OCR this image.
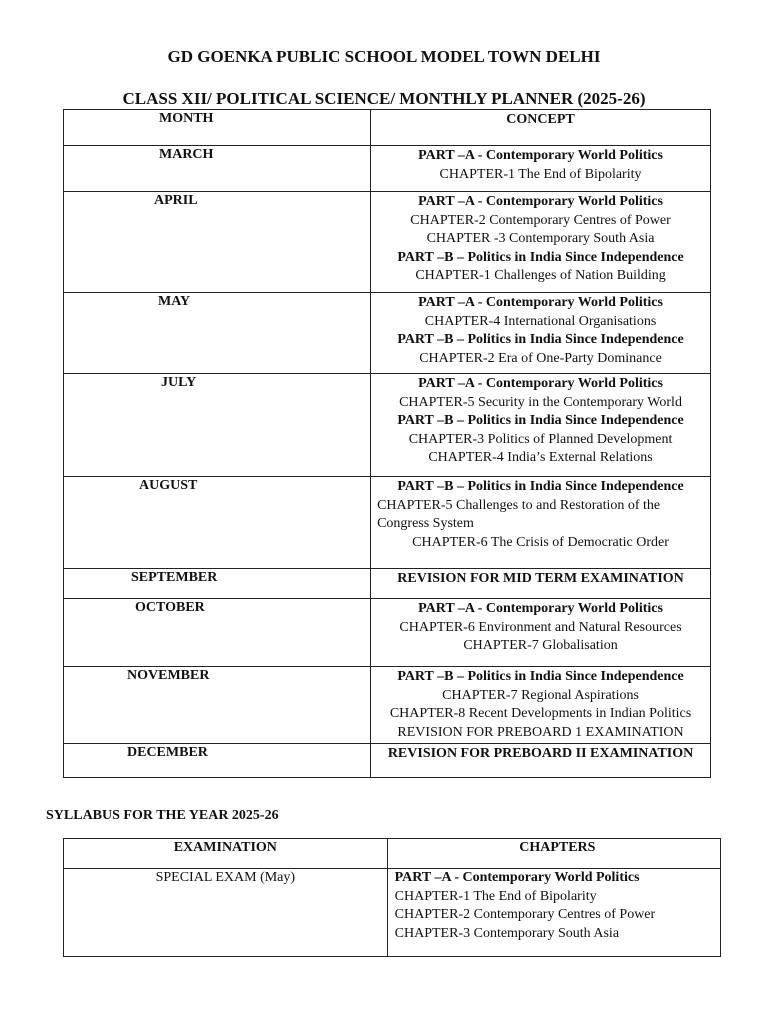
GD GOENKA PUBLIC SCHOOL MODEL TOWN DELHI
CLASS XII/ POLITICAL SCIENCE/ MONTHLY PLANNER (2025-26)
MONTH	CONCEPT
MARCH	PART –A - Contemporary World Politics
CHAPTER-1 The End of Bipolarity

APRIL	PART –A - Contemporary World Politics
CHAPTER-2 Contemporary Centres of Power
CHAPTER -3 Contemporary South Asia
PART –B – Politics in India Since Independence
CHAPTER-1 Challenges of Nation Building

MAY	PART –A - Contemporary World Politics
CHAPTER-4 International Organisations
PART –B – Politics in India Since Independence
CHAPTER-2 Era of One-Party Dominance

JULY	PART –A - Contemporary World Politics
CHAPTER-5 Security in the Contemporary World
PART –B – Politics in India Since Independence
CHAPTER-3 Politics of Planned Development
CHAPTER-4 India’s External Relations

AUGUST	PART –B – Politics in India Since Independence
CHAPTER-5 Challenges to and Restoration of the Congress System
CHAPTER-6 The Crisis of Democratic Order

SEPTEMBER	REVISION FOR MID TERM EXAMINATION

OCTOBER	PART –A - Contemporary World Politics
CHAPTER-6 Environment and Natural Resources
CHAPTER-7 Globalisation

NOVEMBER	PART –B – Politics in India Since Independence
CHAPTER-7 Regional Aspirations
CHAPTER-8 Recent Developments in Indian Politics
REVISION FOR PREBOARD 1 EXAMINATION

DECEMBER	REVISION FOR PREBOARD II EXAMINATION
SYLLABUS FOR THE YEAR 2025-26
EXAMINATION	CHAPTERS
SPECIAL EXAM (May)	PART –A - Contemporary World Politics
CHAPTER-1 The End of Bipolarity
CHAPTER-2 Contemporary Centres of Power
CHAPTER-3 Contemporary South Asia
